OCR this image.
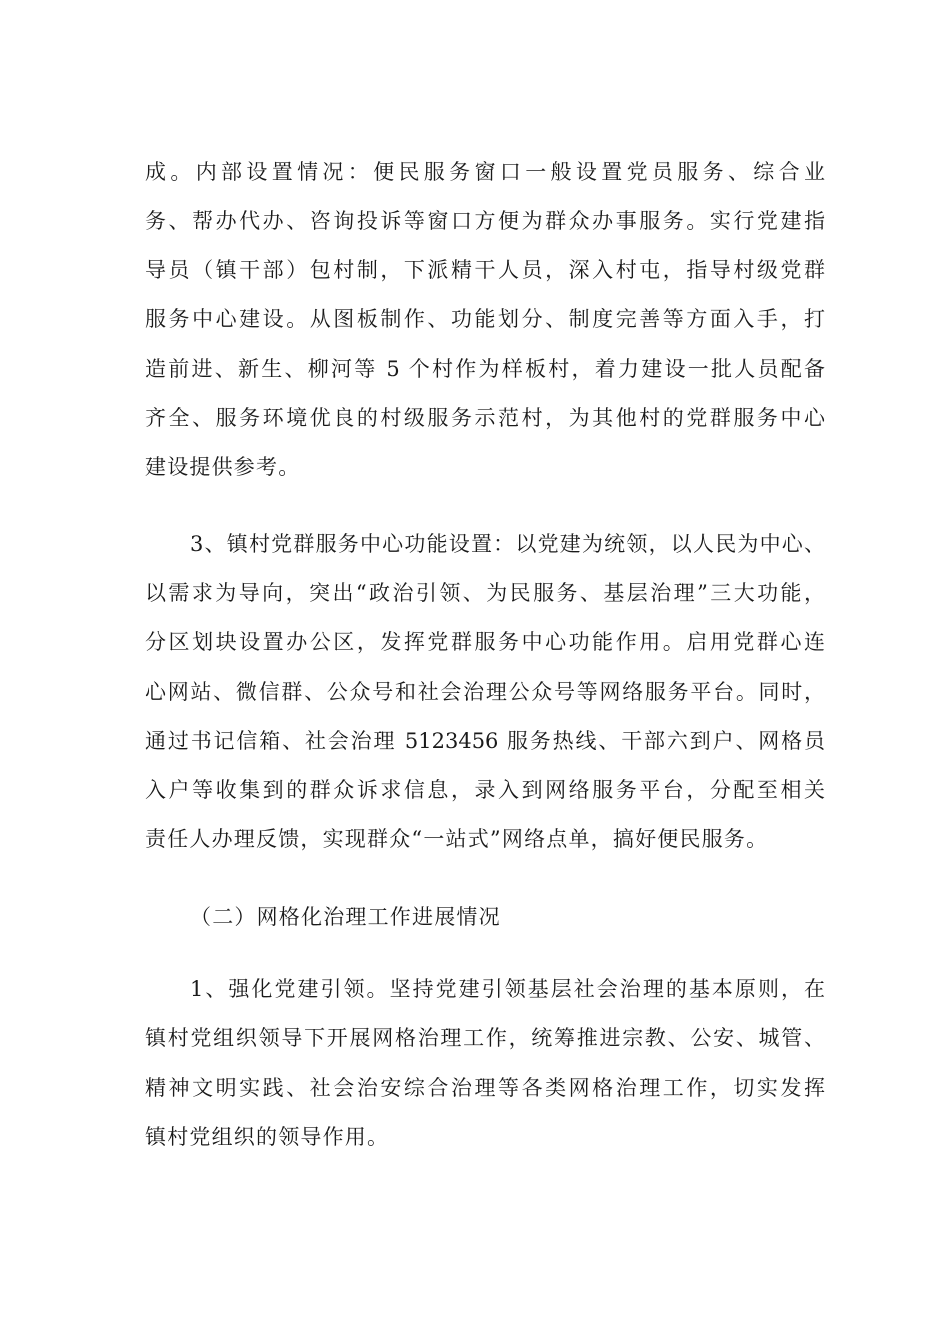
成。内部设置情况：便民服务窗口一般设置党员服务、综合业
务、帮办代办、咨询投诉等窗口方便为群众办事服务。实行党建指
导员（镇干部）包村制，下派精干人员，深入村屯，指导村级党群
服务中心建设。从图板制作、功能划分、制度完善等方面入手，打
造前进、新生、柳河等 5 个村作为样板村，着力建设一批人员配备
齐全、服务环境优良的村级服务示范村，为其他村的党群服务中心
建设提供参考。
3、镇村党群服务中心功能设置：以党建为统领，以人民为中心、
以需求为导向，突出“政治引领、为民服务、基层治理”三大功能，
分区划块设置办公区，发挥党群服务中心功能作用。启用党群心连
心网站、微信群、公众号和社会治理公众号等网络服务平台。同时，
通过书记信箱、社会治理 5123456 服务热线、干部六到户、网格员
入户等收集到的群众诉求信息，录入到网络服务平台，分配至相关
责任人办理反馈，实现群众“一站式”网络点单，搞好便民服务。
（二）网格化治理工作进展情况
1、强化党建引领。坚持党建引领基层社会治理的基本原则，在
镇村党组织领导下开展网格治理工作，统筹推进宗教、公安、城管、
精神文明实践、社会治安综合治理等各类网格治理工作，切实发挥
镇村党组织的领导作用。
